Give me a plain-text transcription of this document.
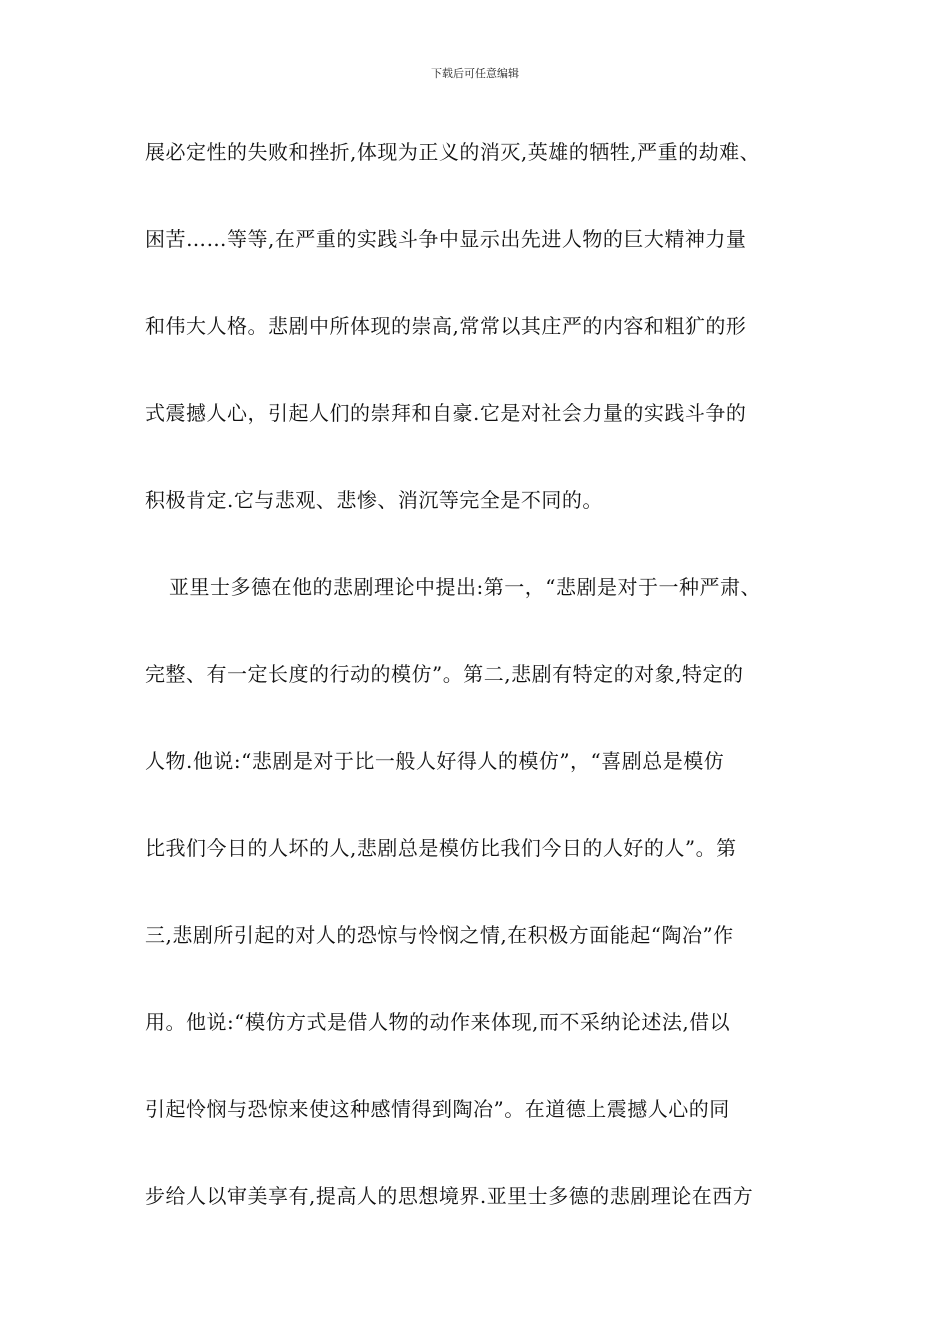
下载后可任意编辑
展必定性的失败和挫折,体现为正义的消灭,英雄的牺牲,严重的劫难、
困苦……等等,在严重的实践斗争中显示出先进人物的巨大精神力量
和伟大人格。悲剧中所体现的崇高,常常以其庄严的内容和粗犷的形
式震撼人心，引起人们的崇拜和自豪.它是对社会力量的实践斗争的
积极肯定.它与悲观、悲惨、消沉等完全是不同的。
亚里士多德在他的悲剧理论中提出:第一，“悲剧是对于一种严肃、
完整、有一定长度的行动的模仿”。第二,悲剧有特定的对象,特定的
人物.他说:“悲剧是对于比一般人好得人的模仿”，“喜剧总是模仿
比我们今日的人坏的人,悲剧总是模仿比我们今日的人好的人”。第
三,悲剧所引起的对人的恐惊与怜悯之情,在积极方面能起“陶冶”作
用。他说:“模仿方式是借人物的动作来体现,而不采纳论述法,借以
引起怜悯与恐惊来使这种感情得到陶冶”。在道德上震撼人心的同
步给人以审美享有,提高人的思想境界.亚里士多德的悲剧理论在西方
